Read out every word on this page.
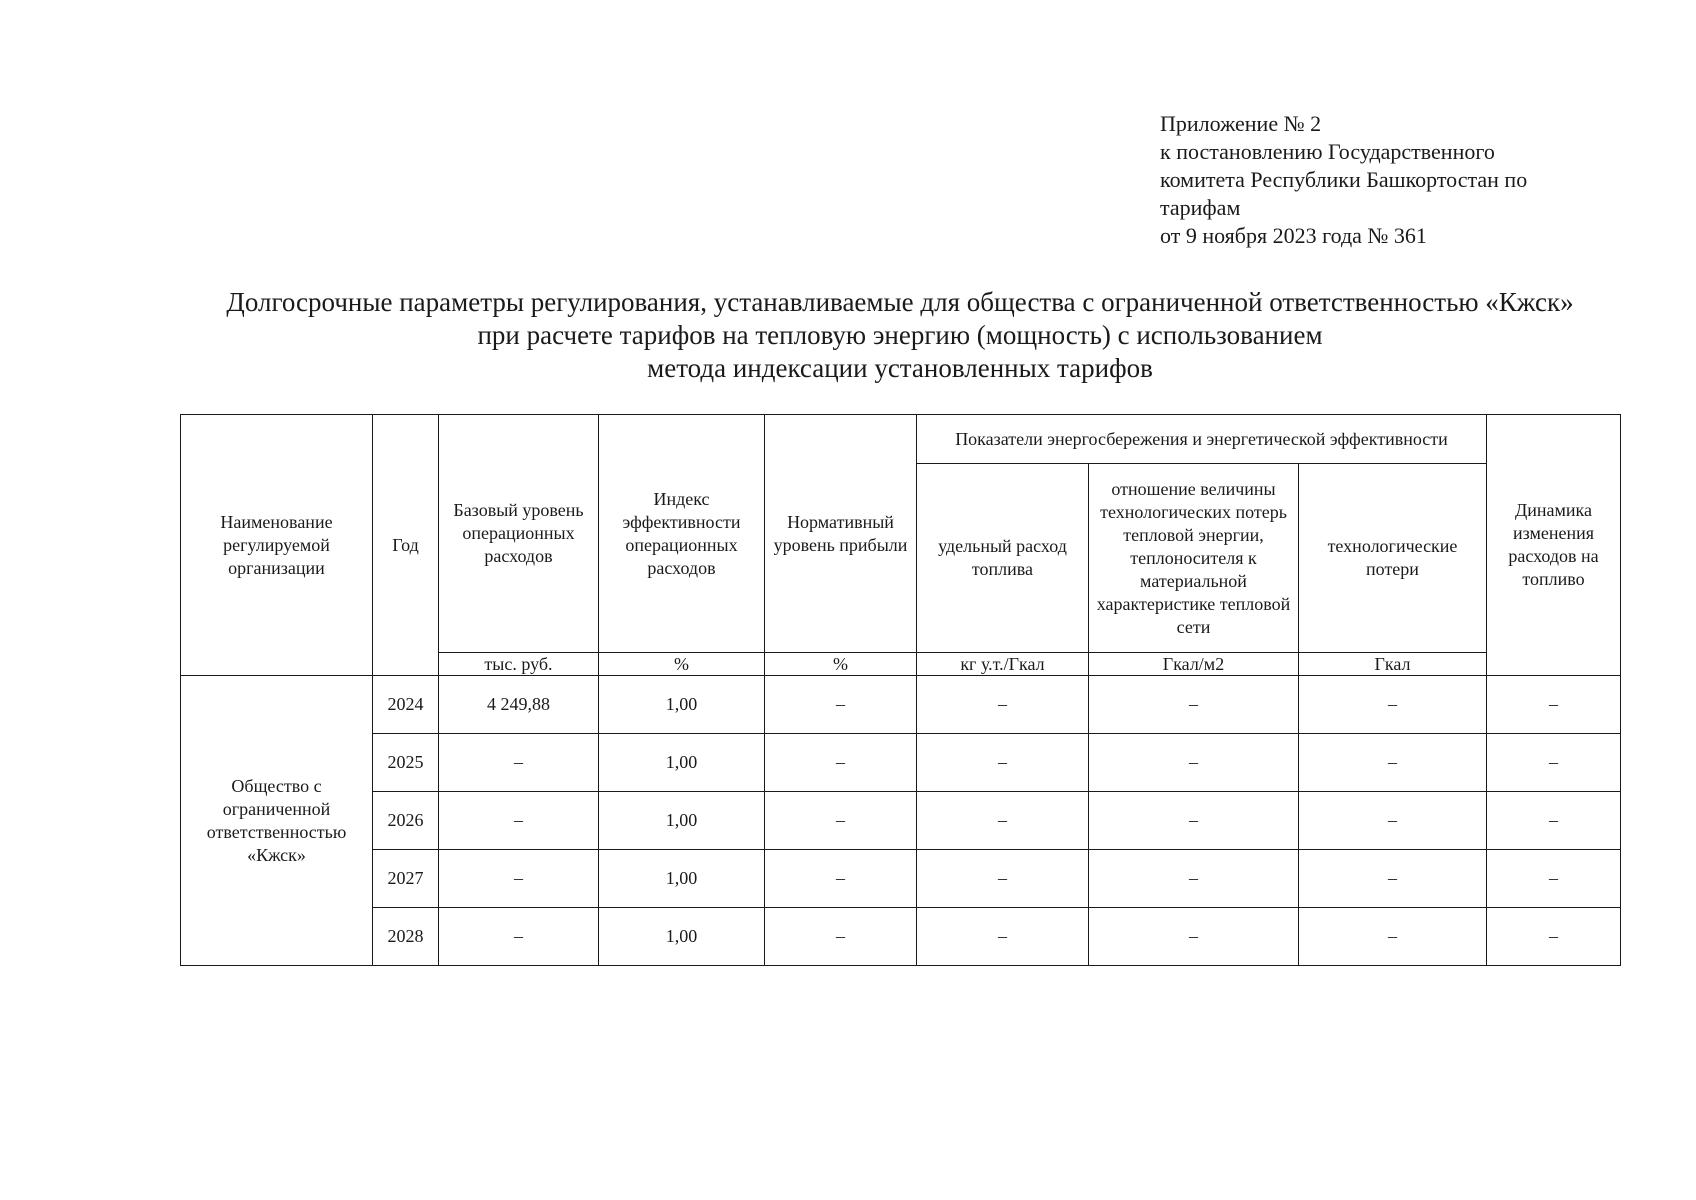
Приложение № 2
к постановлению Государственного
комитета Республики Башкортостан по
тарифам
от 9 ноября 2023 года № 361
Долгосрочные параметры регулирования, устанавливаемые для общества с ограниченной ответственностью «Кжск»
при расчете тарифов на тепловую энергию (мощность) с использованием
метода индексации установленных тарифов
Наименование регулируемой организации	Год	Базовый уровень операционных расходов	Индекс эффективности операционных расходов	Нормативный уровень прибыли	Показатели энергосбережения и энергетической эффективности			Динамика изменения расходов на топливо
					удельный расход топлива	отношение величины технологических потерь тепловой энергии, теплоносителя к материальной характеристике тепловой сети	технологические потери	
		тыс. руб.	%	%	кг у.т./Гкал	Гкал/м2	Гкал	
Общество с ограниченной ответственностью «Кжск»	2024	4 249,88	1,00	–	–	–	–	–
	2025	–	1,00	–	–	–	–	–
	2026	–	1,00	–	–	–	–	–
	2027	–	1,00	–	–	–	–	–
	2028	–	1,00	–	–	–	–	–
